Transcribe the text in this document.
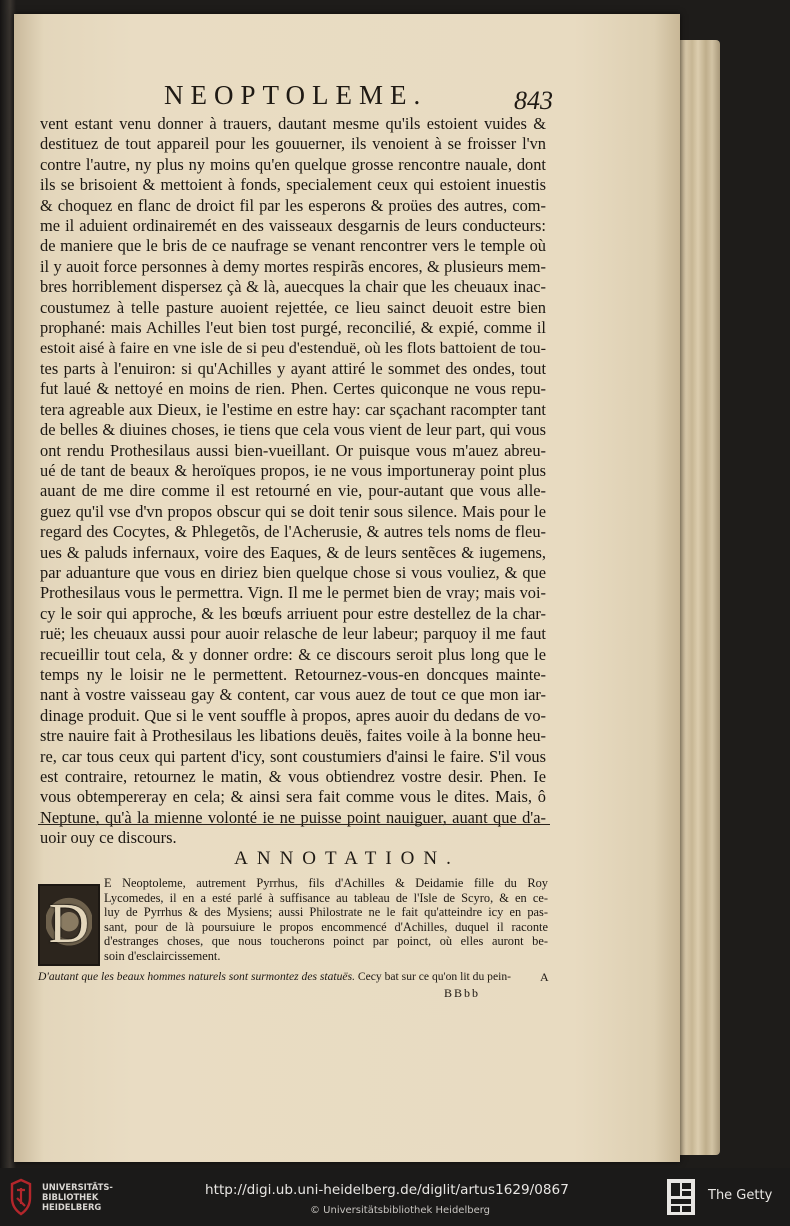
NEOPTOLEME.	843
vent estant venu donner à trauers, dautant mesme qu'ils estoient vuides &
destituez de tout appareil pour les gouuerner, ils venoient à se froisser l'vn
contre l'autre, ny plus ny moins qu'en quelque grosse rencontre nauale, dont
ils se brisoient & mettoient à fonds, specialement ceux qui estoient inuestis
& choquez en flanc de droict fil par les esperons & proües des autres, com-
me il aduient ordinairemét en des vaisseaux desgarnis de leurs conducteurs:
de maniere que le bris de ce naufrage se venant rencontrer vers le temple où
il y auoit force personnes à demy mortes respirãs encores, & plusieurs mem-
bres horriblement dispersez çà & là, auecques la chair que les cheuaux inac-
coustumez à telle pasture auoient rejettée, ce lieu sainct deuoit estre bien
prophané: mais Achilles l'eut bien tost purgé, reconcilié, & expié, comme il
estoit aisé à faire en vne isle de si peu d'estenduë, où les flots battoient de tou-
tes parts à l'enuiron: si qu'Achilles y ayant attiré le sommet des ondes, tout
fut laué & nettoyé en moins de rien. Phen. Certes quiconque ne vous repu-
tera agreable aux Dieux, ie l'estime en estre hay: car sçachant racompter tant
de belles & diuines choses, ie tiens que cela vous vient de leur part, qui vous
ont rendu Prothesilaus aussi bien-vueillant. Or puisque vous m'auez abreu-
ué de tant de beaux & heroïques propos, ie ne vous importuneray point plus
auant de me dire comme il est retourné en vie, pour-autant que vous alle-
guez qu'il vse d'vn propos obscur qui se doit tenir sous silence. Mais pour le
regard des Cocytes, & Phlegetõs, de l'Acherusie, & autres tels noms de fleu-
ues & paluds infernaux, voire des Eaques, & de leurs sentẽces & iugemens,
par aduanture que vous en diriez bien quelque chose si vous vouliez, & que
Prothesilaus vous le permettra. Vign. Il me le permet bien de vray; mais voi-
cy le soir qui approche, & les bœufs arriuent pour estre destellez de la char-
ruë; les cheuaux aussi pour auoir relasche de leur labeur; parquoy il me faut
recueillir tout cela, & y donner ordre: & ce discours seroit plus long que le
temps ny le loisir ne le permettent. Retournez-vous-en doncques mainte-
nant à vostre vaisseau gay & content, car vous auez de tout ce que mon iar-
dinage produit. Que si le vent souffle à propos, apres auoir du dedans de vo-
stre nauire fait à Prothesilaus les libations deuës, faites voile à la bonne heu-
re, car tous ceux qui partent d'icy, sont coustumiers d'ainsi le faire. S'il vous
est contraire, retournez le matin, & vous obtiendrez vostre desir. Phen. Ie
vous obtempereray en cela; & ainsi sera fait comme vous le dites. Mais, ô
Neptune, qu'à la mienne volonté ie ne puisse point nauiguer, auant que d'a-
uoir ouy ce discours.
ANNOTATION.
D
E Neoptoleme, autrement Pyrrhus, fils d'Achilles & Deidamie fille du Roy
Lycomedes, il en a esté parlé à suffisance au tableau de l'Isle de Scyro, & en ce-
luy de Pyrrhus & des Mysiens; aussi Philostrate ne le fait qu'atteindre icy en pas-
sant, pour de là poursuiure le propos encommencé d'Achilles, duquel il raconte
d'estranges choses, que nous toucherons poinct par poinct, où elles auront be-
soin d'esclaircissement.
D'autant que les beaux hommes naturels sont surmontez des statuës. Cecy bat sur ce qu'on lit du pein-	A
BBbb
UNIVERSITÄTS-
BIBLIOTHEK
HEIDELBERG
http://digi.ub.uni-heidelberg.de/diglit/artus1629/0867
© Universitätsbibliothek Heidelberg
The Getty
